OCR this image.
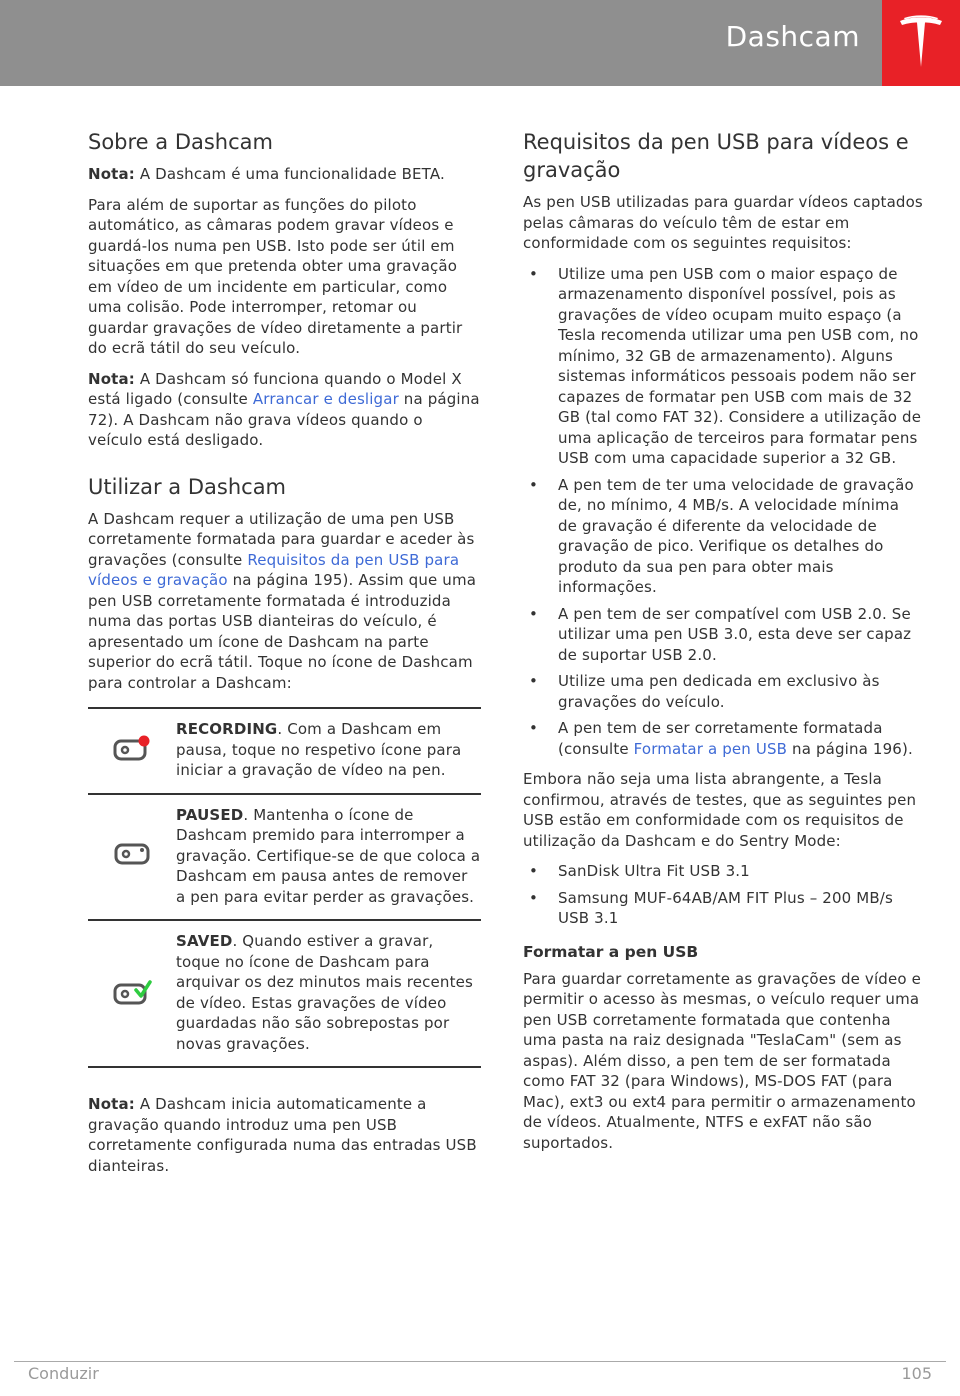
Dashcam
Sobre a Dashcam

Nota: A Dashcam é uma funcionalidade BETA.

Para além de suportar as funções do piloto automático, as câmaras podem gravar vídeos e guardá-los numa pen USB. Isto pode ser útil em situações em que pretenda obter uma gravação em vídeo de um incidente em particular, como uma colisão. Pode interromper, retomar ou guardar gravações de vídeo diretamente a partir do ecrã tátil do seu veículo.

Nota: A Dashcam só funciona quando o Model X está ligado (consulte Arrancar e desligar na página 72). A Dashcam não grava vídeos quando o veículo está desligado.

Utilizar a Dashcam

A Dashcam requer a utilização de uma pen USB corretamente formatada para guardar e aceder às gravações (consulte Requisitos da pen USB para vídeos e gravação na página 195). Assim que uma pen USB corretamente formatada é introduzida numa das portas USB dianteiras do veículo, é apresentado um ícone de Dashcam na parte superior do ecrã tátil. Toque no ícone de Dashcam para controlar a Dashcam:

RECORDING. Com a Dashcam em pausa, toque no respetivo ícone para iniciar a gravação de vídeo na pen.

PAUSED. Mantenha o ícone de Dashcam premido para interromper a gravação. Certifique-se de que coloca a Dashcam em pausa antes de remover a pen para evitar perder as gravações.

SAVED. Quando estiver a gravar, toque no ícone de Dashcam para arquivar os dez minutos mais recentes de vídeo. Estas gravações de vídeo guardadas não são sobrepostas por novas gravações.

Nota: A Dashcam inicia automaticamente a gravação quando introduz uma pen USB corretamente configurada numa das entradas USB dianteiras.

Requisitos da pen USB para vídeos e gravação

As pen USB utilizadas para guardar vídeos captados pelas câmaras do veículo têm de estar em conformidade com os seguintes requisitos:

• Utilize uma pen USB com o maior espaço de armazenamento disponível possível, pois as gravações de vídeo ocupam muito espaço (a Tesla recomenda utilizar uma pen USB com, no mínimo, 32 GB de armazenamento). Alguns sistemas informáticos pessoais podem não ser capazes de formatar pen USB com mais de 32 GB (tal como FAT 32). Considere a utilização de uma aplicação de terceiros para formatar pens USB com uma capacidade superior a 32 GB.
• A pen tem de ter uma velocidade de gravação de, no mínimo, 4 MB/s. A velocidade mínima de gravação é diferente da velocidade de gravação de pico. Verifique os detalhes do produto da sua pen para obter mais informações.
• A pen tem de ser compatível com USB 2.0. Se utilizar uma pen USB 3.0, esta deve ser capaz de suportar USB 2.0.
• Utilize uma pen dedicada em exclusivo às gravações do veículo.
• A pen tem de ser corretamente formatada (consulte Formatar a pen USB na página 196).

Embora não seja uma lista abrangente, a Tesla confirmou, através de testes, que as seguintes pen USB estão em conformidade com os requisitos de utilização da Dashcam e do Sentry Mode:

• SanDisk Ultra Fit USB 3.1
• Samsung MUF-64AB/AM FIT Plus – 200 MB/s USB 3.1
Formatar a pen USB

Para guardar corretamente as gravações de vídeo e permitir o acesso às mesmas, o veículo requer uma pen USB corretamente formatada que contenha uma pasta na raiz designada "TeslaCam" (sem as aspas). Além disso, a pen tem de ser formatada como FAT 32 (para Windows), MS-DOS FAT (para Mac), ext3 ou ext4 para permitir o armazenamento de vídeos. Atualmente, NTFS e exFAT não são suportados.

Conduzir	105
